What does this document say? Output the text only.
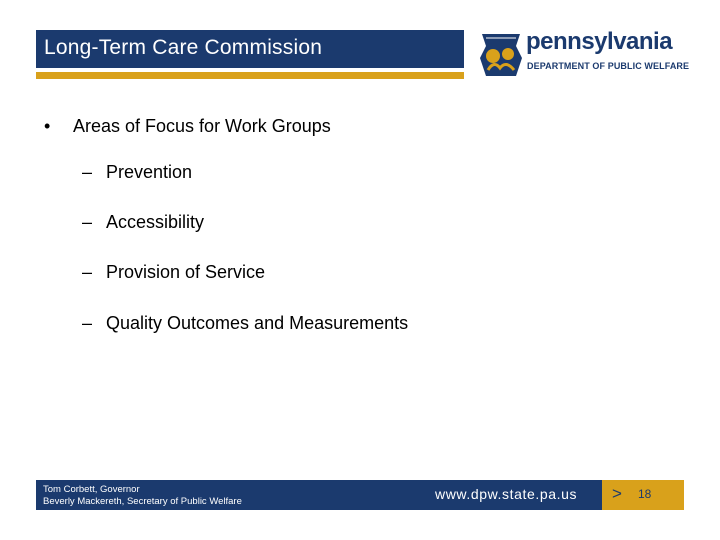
Long-Term Care Commission	pennsylvania
DEPARTMENT OF PUBLIC WELFARE
• Areas of Focus for Work Groups
– Prevention
– Accessibility
– Provision of Service
– Quality Outcomes and Measurements
Tom Corbett, Governor
Beverly Mackereth, Secretary of Public Welfare	www.dpw.state.pa.us > 18
